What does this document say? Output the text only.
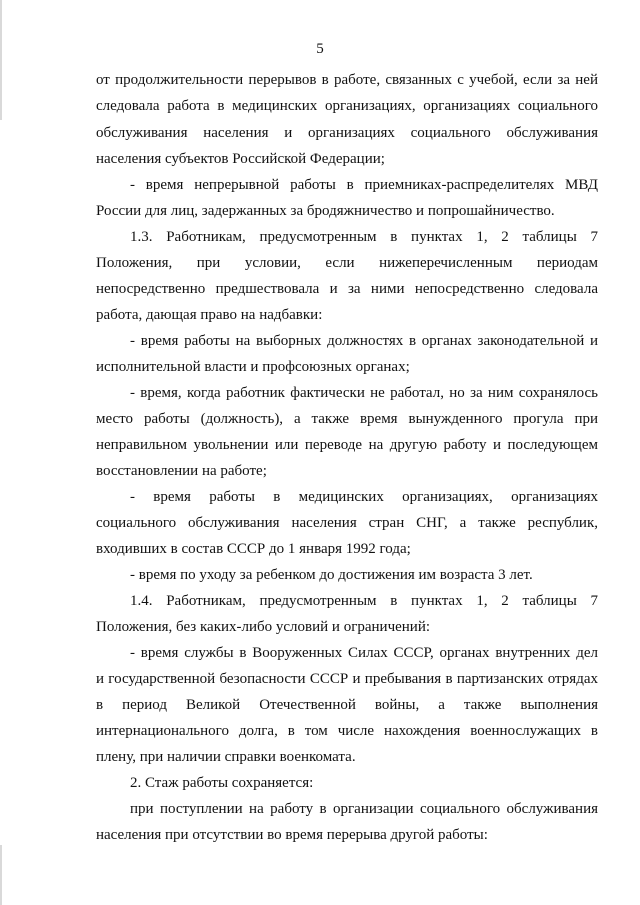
5
от продолжительности перерывов в работе, связанных с учебой, если за ней
следовала работа в медицинских организациях, организациях социального
обслуживания населения и организациях социального обслуживания
населения субъектов Российской Федерации;
- время непрерывной работы в приемниках-распределителях МВД
России для лиц, задержанных за бродяжничество и попрошайничество.
1.3. Работникам, предусмотренным в пунктах 1, 2 таблицы 7
Положения, при условии, если нижеперечисленным периодам
непосредственно предшествовала и за ними непосредственно следовала
работа, дающая право на надбавки:
- время работы на выборных должностях в органах законодательной и
исполнительной власти и профсоюзных органах;
- время, когда работник фактически не работал, но за ним сохранялось
место работы (должность), а также время вынужденного прогула при
неправильном увольнении или переводе на другую работу и последующем
восстановлении на работе;
- время работы в медицинских организациях, организациях
социального обслуживания населения стран СНГ, а также республик,
входивших в состав СССР до 1 января 1992 года;
- время по уходу за ребенком до достижения им возраста 3 лет.
1.4. Работникам, предусмотренным в пунктах 1, 2 таблицы 7
Положения, без каких-либо условий и ограничений:
- время службы в Вооруженных Силах СССР, органах внутренних дел
и государственной безопасности СССР и пребывания в партизанских отрядах
в период Великой Отечественной войны, а также выполнения
интернационального долга, в том числе нахождения военнослужащих в
плену, при наличии справки военкомата.
2. Стаж работы сохраняется:
при поступлении на работу в организации социального обслуживания
населения при отсутствии во время перерыва другой работы:
